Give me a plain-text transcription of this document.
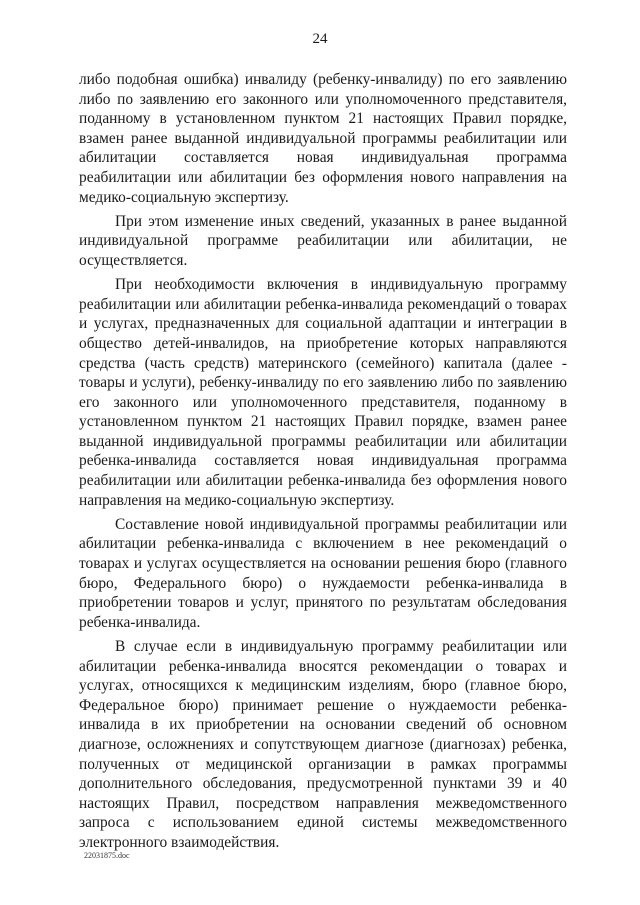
24

либо подобная ошибка) инвалиду (ребенку-инвалиду) по его заявлению либо по заявлению его законного или уполномоченного представителя, поданному в установленном пунктом 21 настоящих Правил порядке, взамен ранее выданной индивидуальной программы реабилитации или абилитации составляется новая индивидуальная программа реабилитации или абилитации без оформления нового направления на медико-социальную экспертизу.

При этом изменение иных сведений, указанных в ранее выданной индивидуальной программе реабилитации или абилитации, не осуществляется.

При необходимости включения в индивидуальную программу реабилитации или абилитации ребенка-инвалида рекомендаций о товарах и услугах, предназначенных для социальной адаптации и интеграции в общество детей-инвалидов, на приобретение которых направляются средства (часть средств) материнского (семейного) капитала (далее - товары и услуги), ребенку-инвалиду по его заявлению либо по заявлению его законного или уполномоченного представителя, поданному в установленном пунктом 21 настоящих Правил порядке, взамен ранее выданной индивидуальной программы реабилитации или абилитации ребенка-инвалида составляется новая индивидуальная программа реабилитации или абилитации ребенка-инвалида без оформления нового направления на медико-социальную экспертизу.

Составление новой индивидуальной программы реабилитации или абилитации ребенка-инвалида с включением в нее рекомендаций о товарах и услугах осуществляется на основании решения бюро (главного бюро, Федерального бюро) о нуждаемости ребенка-инвалида в приобретении товаров и услуг, принятого по результатам обследования ребенка-инвалида.

В случае если в индивидуальную программу реабилитации или абилитации ребенка-инвалида вносятся рекомендации о товарах и услугах, относящихся к медицинским изделиям, бюро (главное бюро, Федеральное бюро) принимает решение о нуждаемости ребенка-инвалида в их приобретении на основании сведений об основном диагнозе, осложнениях и сопутствующем диагнозе (диагнозах) ребенка, полученных от медицинской организации в рамках программы дополнительного обследования, предусмотренной пунктами 39 и 40 настоящих Правил, посредством направления межведомственного запроса с использованием единой системы межведомственного электронного взаимодействия.

22031875.doc
